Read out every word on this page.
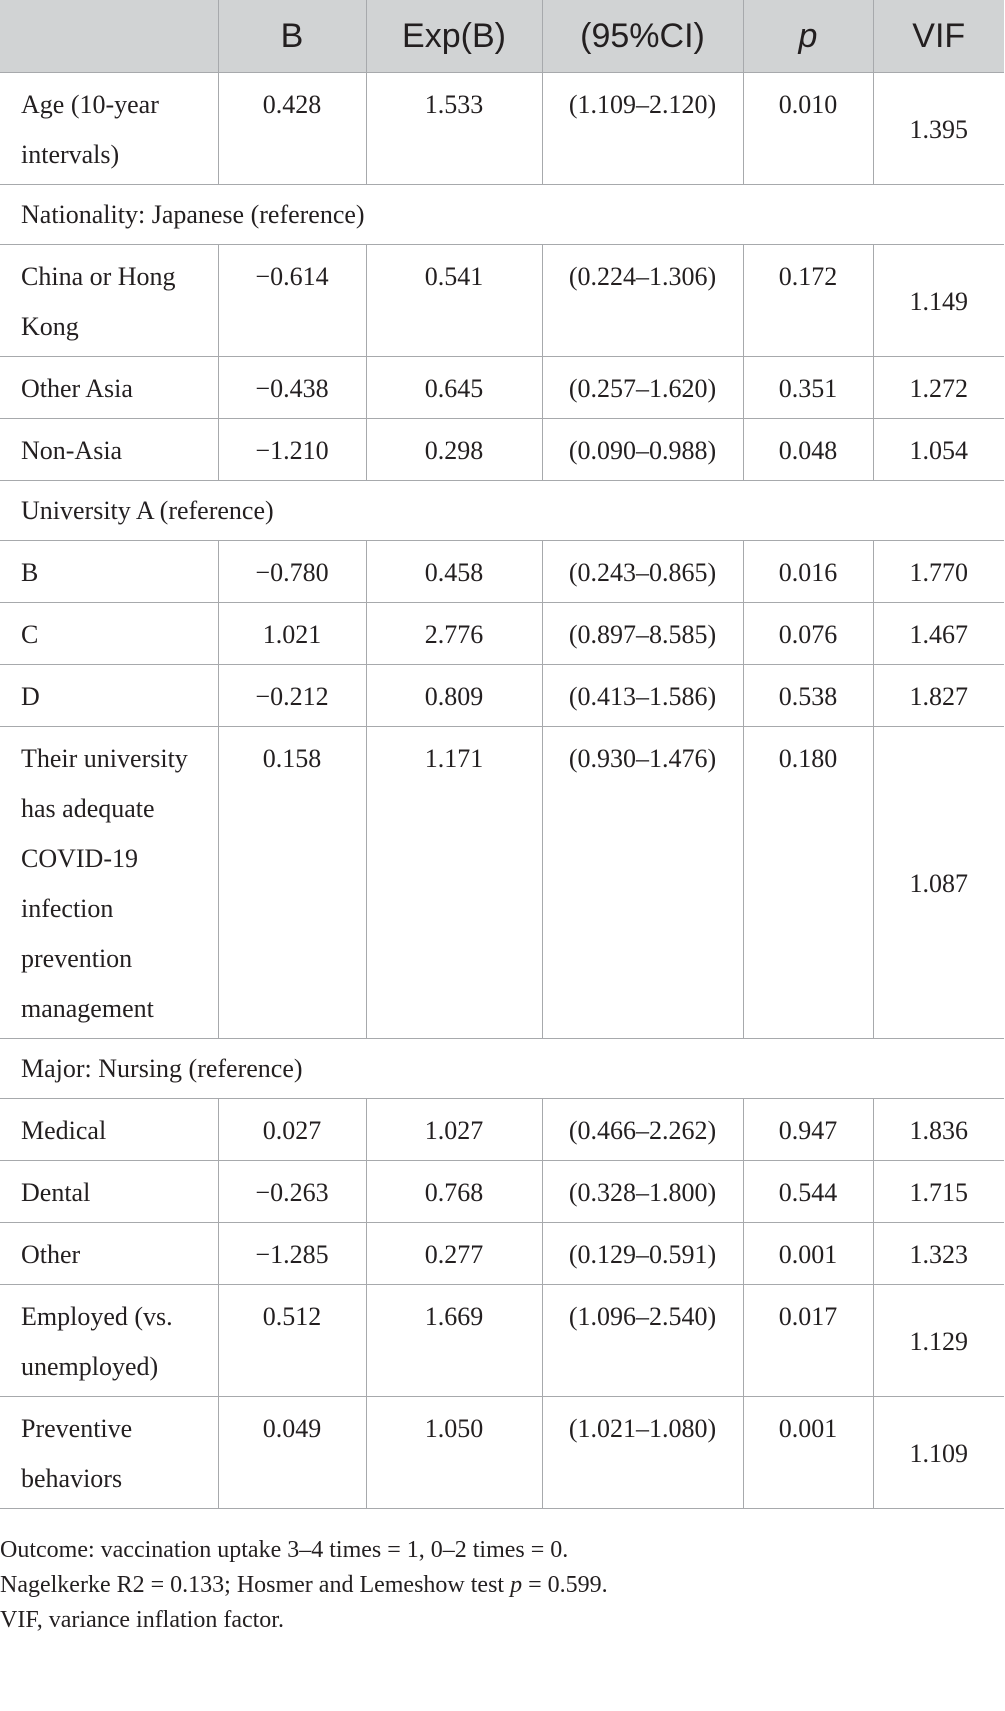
	B	Exp(B)	(95%CI)	p	VIF
Age (10-year intervals)	0.428	1.533	(1.109–2.120)	0.010	1.395
Nationality: Japanese (reference)					
China or Hong Kong	−0.614	0.541	(0.224–1.306)	0.172	1.149
Other Asia	−0.438	0.645	(0.257–1.620)	0.351	1.272
Non-Asia	−1.210	0.298	(0.090–0.988)	0.048	1.054
University A (reference)					
B	−0.780	0.458	(0.243–0.865)	0.016	1.770
C	1.021	2.776	(0.897–8.585)	0.076	1.467
D	−0.212	0.809	(0.413–1.586)	0.538	1.827
Their university has adequate COVID-19 infection prevention management	0.158	1.171	(0.930–1.476)	0.180	1.087
Major: Nursing (reference)					
Medical	0.027	1.027	(0.466–2.262)	0.947	1.836
Dental	−0.263	0.768	(0.328–1.800)	0.544	1.715
Other	−1.285	0.277	(0.129–0.591)	0.001	1.323
Employed (vs. unemployed)	0.512	1.669	(1.096–2.540)	0.017	1.129
Preventive behaviors	0.049	1.050	(1.021–1.080)	0.001	1.109
Outcome: vaccination uptake 3–4 times = 1, 0–2 times = 0.
Nagelkerke R2 = 0.133; Hosmer and Lemeshow test p = 0.599.
VIF, variance inflation factor.
